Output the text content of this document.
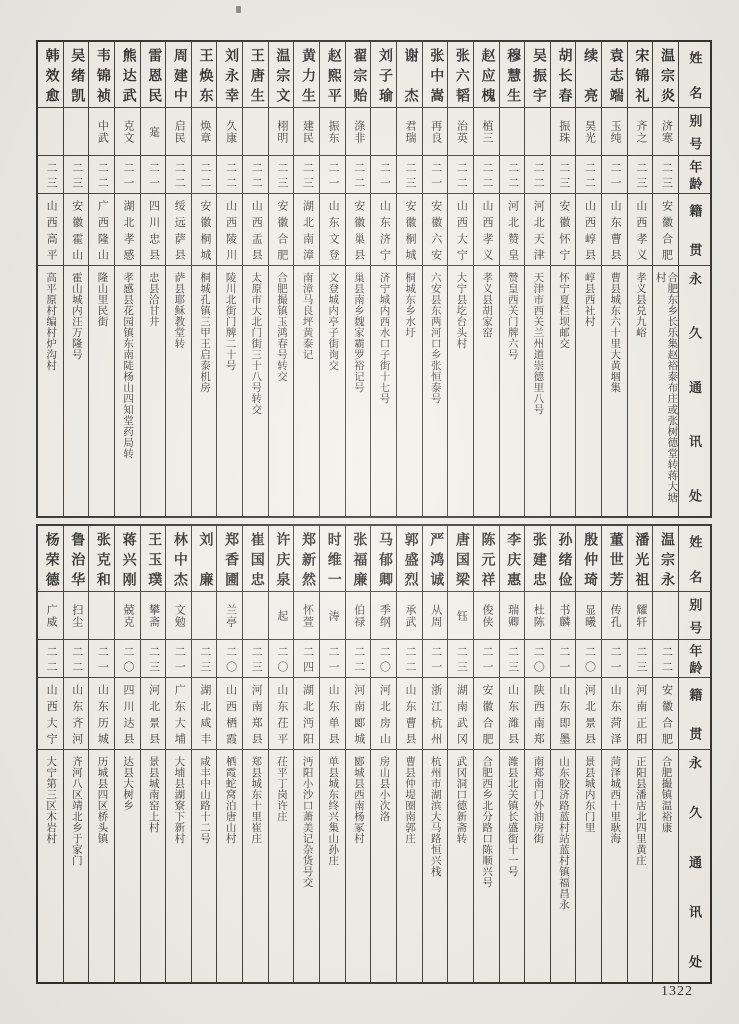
姓名
别号
年龄
籍贯
永久通讯处
温宗炎
济寒
二三
安徽合肥
合肥东乡长乐集赵裕泰布庄或张树德堂转蒋大塘村
宋锦礼
齐之
二三
山西孝义
孝义县兑九峪
袁志端
玉纯
二一
山东曹县
曹县城东六十里大黄堌集
续亮
昊光
二二
山西崞县
崞县西社村
胡长春
振珠
二三
安徽怀宁
怀宁夏栏坝邮交
吴振宇
二二
河北天津
天津市西关兰州道崇德里八号
穆慧生
二二
河北赞皇
赞皇西关门牌六号
赵应槐
植三
二二
山西孝义
孝义县胡家窑
张六韬
治英
二二
山西大宁
大宁县圪台头村
张中嵩
再良
二一
安徽六安
六安县东两河口乡张恒泰号
谢杰
君瑞
二三
安徽桐城
桐城东乡水圩
刘子瑜
二一
山东济宁
济宁城内西水口子街十七号
翟宗贻
涤非
二二
安徽巢县
巢县南乡魏家霸罗裕记号
赵熙平
振东
二一
山东文登
文登城内亭子街询交
黄力生
建民
二三
湖北南漳
南漳马良坪黄泰记
温宗文
栩明
二三
安徽合肥
合肥撮镇玉鸿春号转交
王唐生
二二
山西盂县
太原市大北门街三十八号转交
刘永幸
久康
二二
山西陵川
陵川北街门牌二十号
王焕东
焕章
二二
安徽桐城
桐城孔镇三甲王启泰机房
周建中
启民
二二
绥远萨县
萨县耶稣教堂转
雷恩民
寔
二一
四川忠县
忠县洽甘井
熊达武
克文
二一
湖北孝感
孝感县花园镇东南陡杨山四知堂药局转
韦锦祯
中武
二二
广西隆山
隆山里民街
吴绪凯
二三
安徽霍山
霍山城内汪万隆号
韩效愈
二三
山西高平
高平原村编村炉沟村
姓名
别号
年龄
籍贯
永久通讯处
温宗永
二二
安徽合肥
合肥撮镇温裕康
潘光祖
耀轩
二三
河南正阳
正阳县潘店北四里黄庄
董世芳
传孔
二一
山东菏泽
菏泽城西十里耿海
殷仲琦
显曦
二〇
河北景县
景县城内东门里
孙绪俭
书麟
二一
山东即墨
山东胶济路蓝村站蓝村镇福昌永
张建忠
杜陈
二〇
陕西南郑
南郑南门外油房街
李庆惠
瑞卿
二三
山东潍县
潍县北关镇长盛街十一号
陈元祥
俊侠
二一
安徽合肥
合肥西乡北分路口陈顺兴号
唐国梁
钰
二三
湖南武冈
武冈洞口德新斋转
严鸿诚
从周
二一
浙江杭州
杭州市湖滨大马路恒兴栈
郭盛烈
承武
二二
山东曹县
曹县仲堤圈南郭庄
马郁卿
季纲
二〇
河北房山
房山县小次洛
张福廉
伯禄
二二
河南郾城
郾城县西南杨冢村
时维一
涛
二一
山东单县
单县城东终兴集山孙庄
郑新然
怀萱
二四
湖北沔阳
沔阳小沙口萧美记杂货号交
许庆泉
起
二〇
山东茌平
茌平丁岗许庄
崔国忠
二三
河南郑县
郑县城东十里崔庄
郑香圃
兰亭
二〇
山西栖霞
栖霞蛇窝泊唐山村
刘廉
二三
湖北咸丰
咸丰中山路十二号
林中杰
文勉
二一
广东大埔
大埔县湖寮下新村
王玉璞
攀斋
二三
河北景县
景县城南窑上村
蒋兴刚
兢克
二〇
四川达县
达县大树乡
张克和
二一
山东历城
历城县四区桥头镇
鲁治华
扫尘
二二
山东齐河
齐河八区靖北乡于家门
杨荣德
广威
二二
山西大宁
大宁第三区木岩村
1322
